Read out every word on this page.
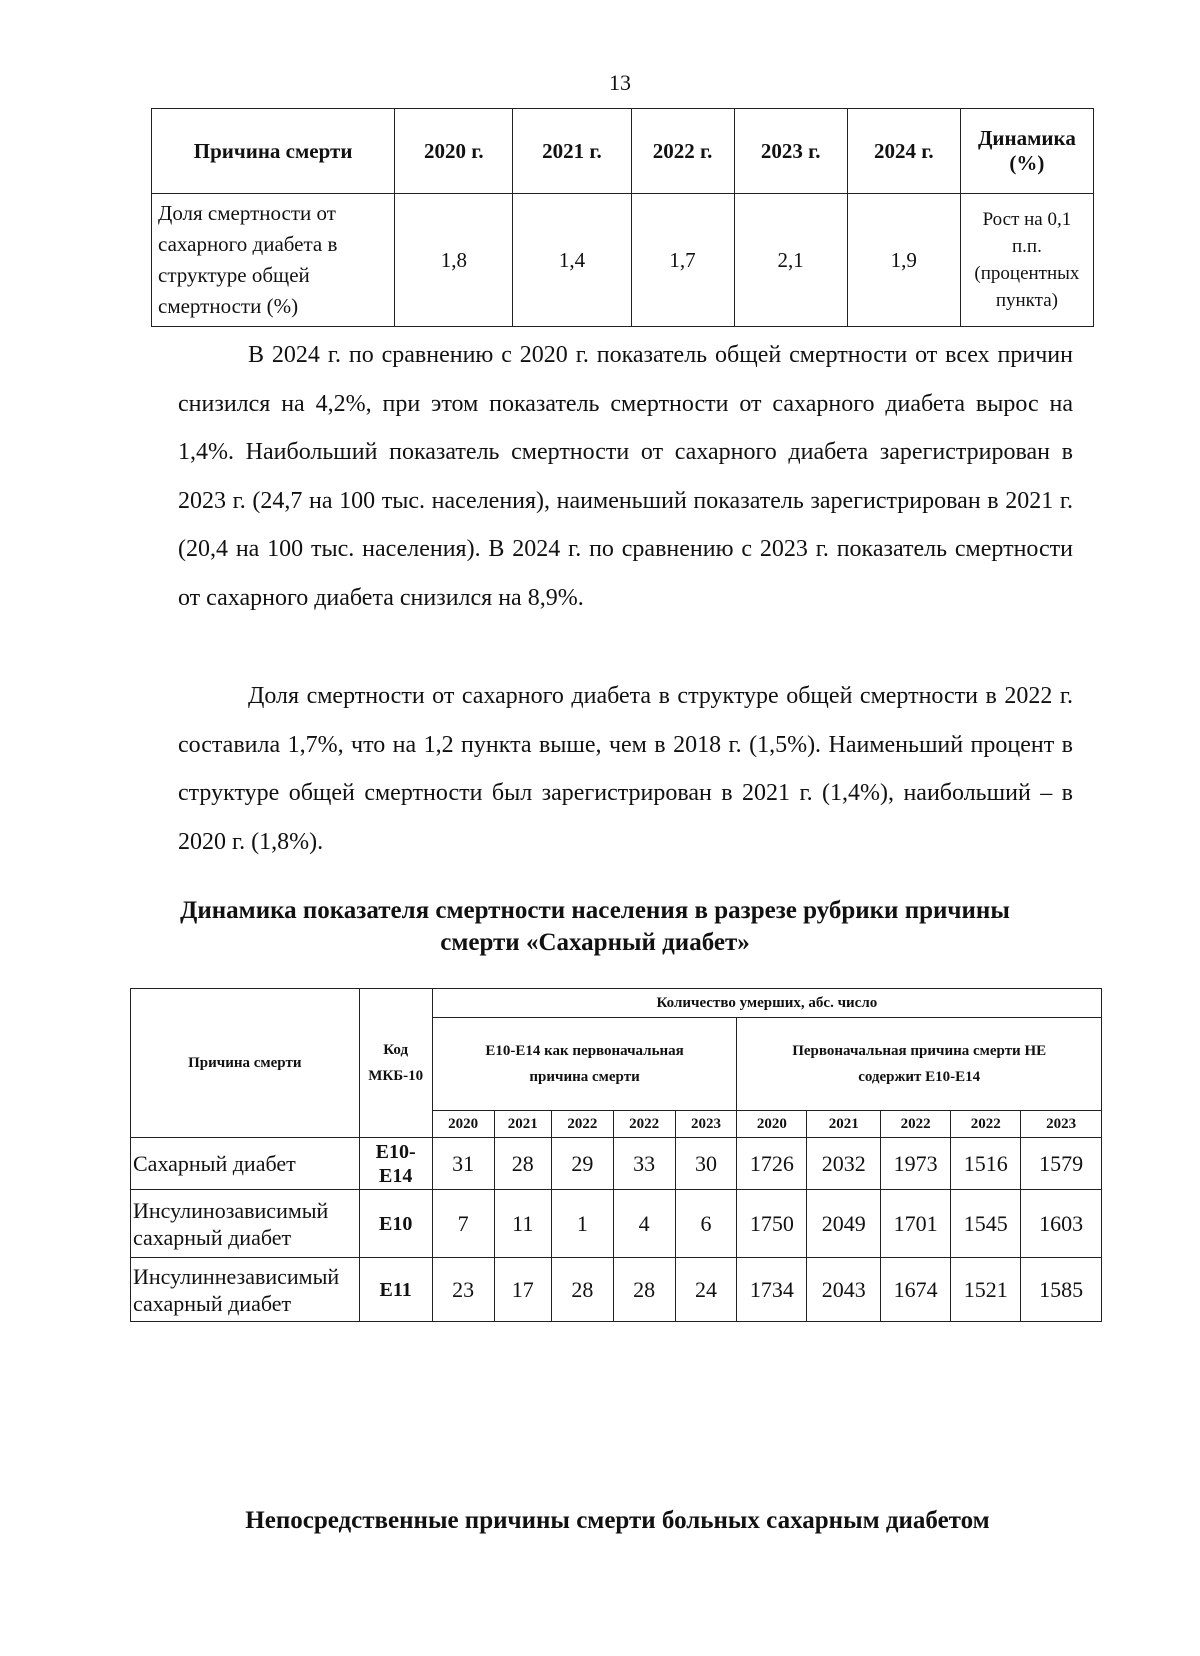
13
Причина смерти	2020 г.	2021 г.	2022 г.	2023 г.	2024 г.	Динамика (%)
Доля смертности от сахарного диабета в структуре общей смертности (%)	1,8	1,4	1,7	2,1	1,9	Рост на 0,1 п.п. (процентных пункта)

В 2024 г. по сравнению с 2020 г. показатель общей смертности от всех причин снизился на 4,2%, при этом показатель смертности от сахарного диабета вырос на 1,4%. Наибольший показатель смертности от сахарного диабета зарегистрирован в 2023 г. (24,7 на 100 тыс. населения), наименьший показатель зарегистрирован в 2021 г. (20,4 на 100 тыс. населения). В 2024 г. по сравнению с 2023 г. показатель смертности от сахарного диабета снизился на 8,9%.

Доля смертности от сахарного диабета в структуре общей смертности в 2022 г. составила 1,7%, что на 1,2 пункта выше, чем в 2018 г. (1,5%). Наименьший процент в структуре общей смертности был зарегистрирован в 2021 г. (1,4%), наибольший – в 2020 г. (1,8%).

Динамика показателя смертности населения в разрезе рубрики причины смерти «Сахарный диабет»
Причина смерти	Код МКБ-10	Количество умерших, абс. число									
		Е10-Е14 как первоначальная причина смерти					Первоначальная причина смерти НЕ содержит Е10-Е14				
		2020	2021	2022	2022	2023	2020	2021	2022	2022	2023
Сахарный диабет	Е10-Е14	31	28	29	33	30	1726	2032	1973	1516	1579
Инсулинозависимый сахарный диабет	Е10	7	11	1	4	6	1750	2049	1701	1545	1603
Инсулиннезависимый сахарный диабет	Е11	23	17	28	28	24	1734	2043	1674	1521	1585
Непосредственные причины смерти больных сахарным диабетом
